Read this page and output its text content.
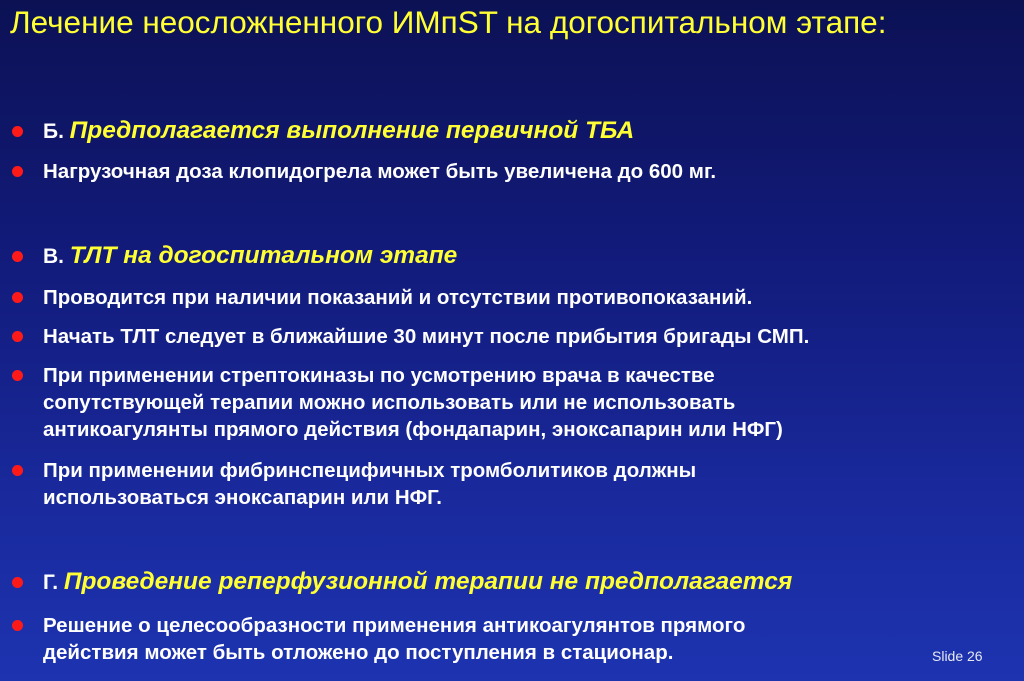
Лечение неосложненного ИМпST на догоспитальном этапе:
Б. Предполагается выполнение первичной ТБА
Нагрузочная доза клопидогрела может быть увеличена до 600 мг.
В. ТЛТ на догоспитальном этапе
Проводится при наличии показаний и отсутствии противопоказаний.
Начать ТЛТ следует в ближайшие 30 минут после прибытия бригады СМП.
При применении стрептокиназы по усмотрению врача в качестве
сопутствующей терапии можно использовать или не использовать
антикоагулянты прямого действия (фондапарин, эноксапарин или НФГ)
При применении фибринспецифичных тромболитиков должны
использоваться эноксапарин или НФГ.
Г. Проведение реперфузионной терапии не предполагается
Решение о целесообразности применения антикоагулянтов прямого
действия может быть отложено до поступления в стационар.	Slide 26
